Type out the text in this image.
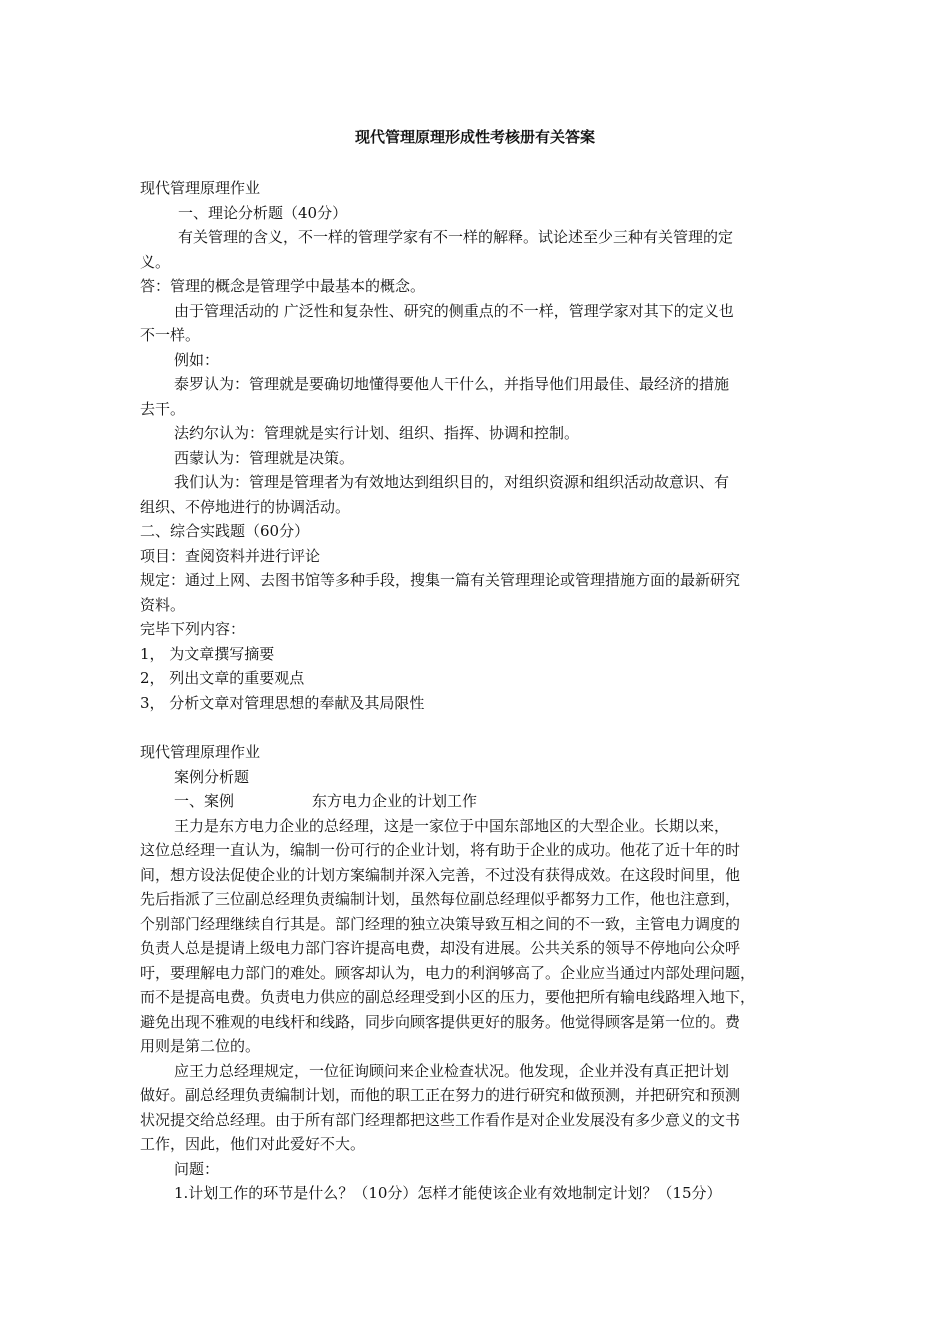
现代管理原理形成性考核册有关答案

现代管理原理作业

一、理论分析题（40分）

有关管理的含义，不一样的管理学家有不一样的解释。试论述至少三种有关管理的定

义。

答：管理的概念是管理学中最基本的概念。

由于管理活动的 广泛性和复杂性、研究的侧重点的不一样，管理学家对其下的定义也

不一样。

例如：

泰罗认为：管理就是要确切地懂得要他人干什么，并指导他们用最佳、最经济的措施

去干。

法约尔认为：管理就是实行计划、组织、指挥、协调和控制。

西蒙认为：管理就是决策。

我们认为：管理是管理者为有效地达到组织目的，对组织资源和组织活动故意识、有

组织、不停地进行的协调活动。

二、综合实践题（60分）

项目：查阅资料并进行评论

规定：通过上网、去图书馆等多种手段，搜集一篇有关管理理论或管理措施方面的最新研究

资料。

完毕下列内容：

1， 为文章撰写摘要

2， 列出文章的重要观点

3， 分析文章对管理思想的奉献及其局限性

现代管理原理作业

案例分析题

一、案例	东方电力企业的计划工作

王力是东方电力企业的总经理，这是一家位于中国东部地区的大型企业。长期以来，

这位总经理一直认为，编制一份可行的企业计划，将有助于企业的成功。他花了近十年的时

间，想方设法促使企业的计划方案编制并深入完善，不过没有获得成效。在这段时间里，他

先后指派了三位副总经理负责编制计划，虽然每位副总经理似乎都努力工作，他也注意到，

个别部门经理继续自行其是。部门经理的独立决策导致互相之间的不一致，主管电力调度的

负责人总是提请上级电力部门容许提高电费，却没有进展。公共关系的领导不停地向公众呼

吁，要理解电力部门的难处。顾客却认为，电力的利润够高了。企业应当通过内部处理问题，

而不是提高电费。负责电力供应的副总经理受到小区的压力，要他把所有输电线路埋入地下，

避免出现不雅观的电线杆和线路，同步向顾客提供更好的服务。他觉得顾客是第一位的。费

用则是第二位的。

应王力总经理规定，一位征询顾问来企业检查状况。他发现，企业并没有真正把计划

做好。副总经理负责编制计划，而他的职工正在努力的进行研究和做预测，并把研究和预测

状况提交给总经理。由于所有部门经理都把这些工作看作是对企业发展没有多少意义的文书

工作，因此，他们对此爱好不大。

问题：

1.计划工作的环节是什么？（10分）怎样才能使该企业有效地制定计划？（15分）
